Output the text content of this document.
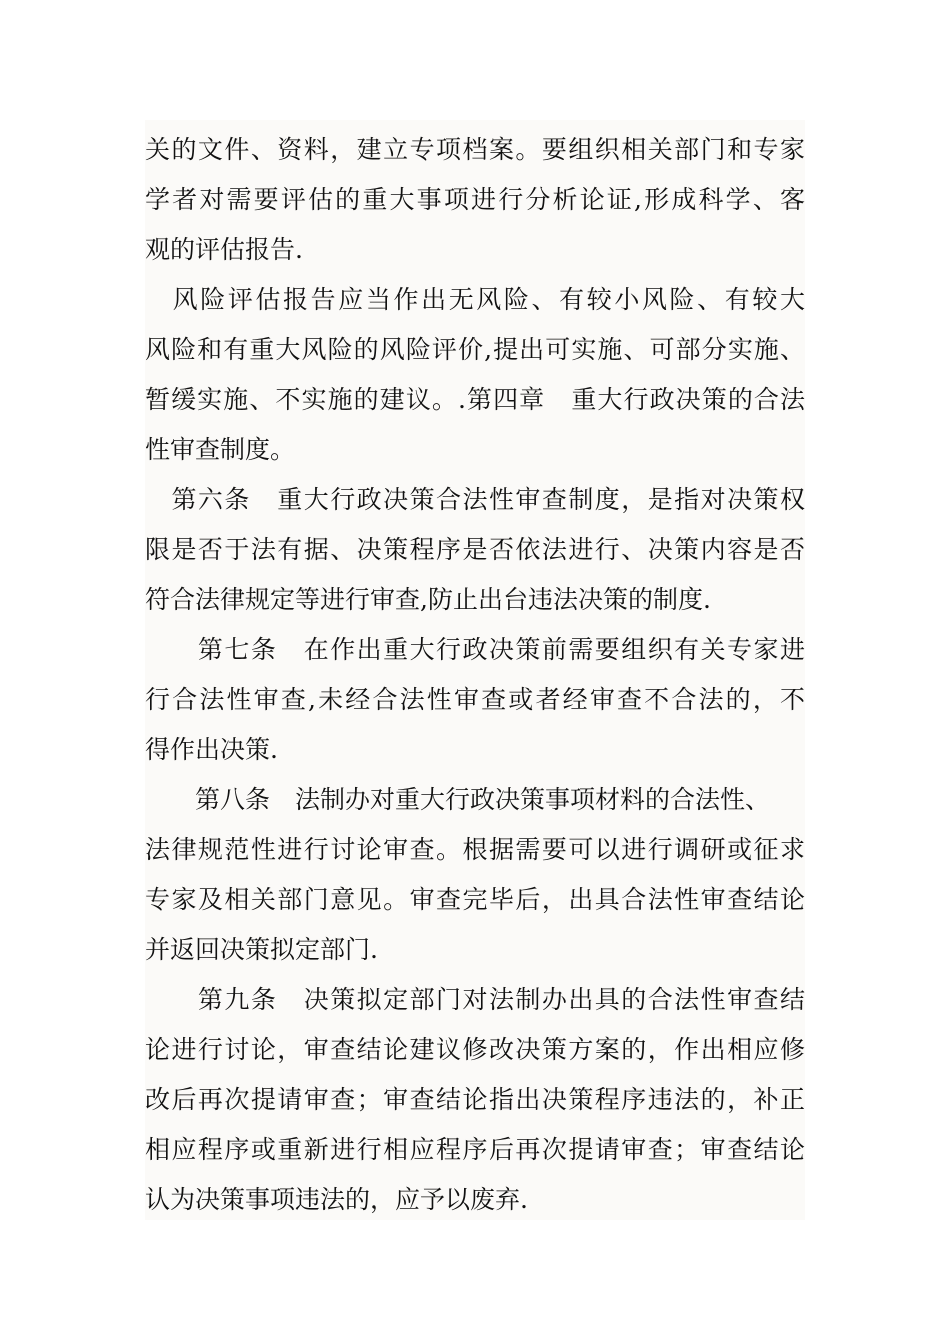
关的文件、资料，建立专项档案。要组织相关部门和专家
学者对需要评估的重大事项进行分析论证,形成科学、客
观的评估报告.
　风险评估报告应当作出无风险、有较小风险、有较大
风险和有重大风险的风险评价,提出可实施、可部分实施、
暂缓实施、不实施的建议。.第四章　重大行政决策的合法
性审查制度。
　第六条　重大行政决策合法性审查制度，是指对决策权
限是否于法有据、决策程序是否依法进行、决策内容是否
符合法律规定等进行审查,防止出台违法决策的制度.
　　第七条　在作出重大行政决策前需要组织有关专家进
行合法性审查,未经合法性审查或者经审查不合法的，不
得作出决策.
　　第八条　法制办对重大行政决策事项材料的合法性、
法律规范性进行讨论审查。根据需要可以进行调研或征求
专家及相关部门意见。审查完毕后，出具合法性审查结论
并返回决策拟定部门.
　　第九条　决策拟定部门对法制办出具的合法性审查结
论进行讨论，审查结论建议修改决策方案的，作出相应修
改后再次提请审查；审查结论指出决策程序违法的，补正
相应程序或重新进行相应程序后再次提请审查；审查结论
认为决策事项违法的，应予以废弃.
